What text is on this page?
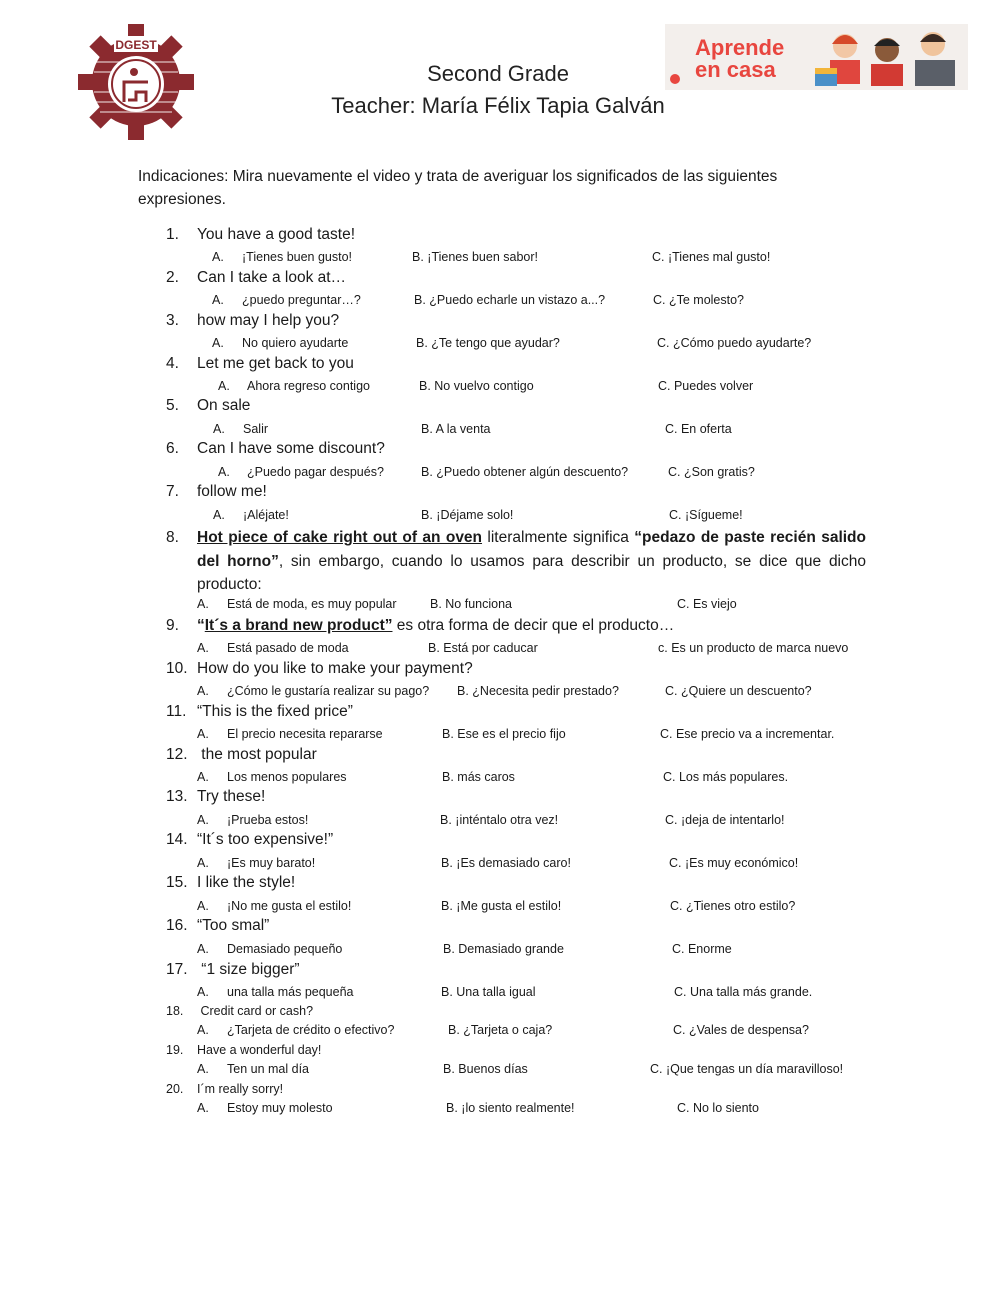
DGEST	Aprende
en casa
Second Grade
Teacher: María Félix Tapia Galván
Indicaciones: Mira nuevamente el video y trata de averiguar los significados de las siguientes expresiones.
1. You have a good taste!
A. ¡Tienes buen gusto!	B. ¡Tienes buen sabor!	C. ¡Tienes mal gusto!
2. Can I take a look at…
A. ¿puedo preguntar…?	B. ¿Puedo echarle un vistazo a...?	C. ¿Te molesto?
3. how may I help you?
A. No quiero ayudarte	B. ¿Te tengo que ayudar?	C. ¿Cómo puedo ayudarte?
4. Let me get back to you
A. Ahora regreso contigo	B. No vuelvo contigo	C. Puedes volver
5. On sale
A. Salir	B. A la venta	C. En oferta
6. Can I have some discount?
A. ¿Puedo pagar después?	B. ¿Puedo obtener algún descuento?	C. ¿Son gratis?
7. follow me!
A. ¡Aléjate!	B. ¡Déjame solo!	C. ¡Sígueme!
8. Hot piece of cake right out of an oven literalmente significa “pedazo de paste recién salido del horno”, sin embargo, cuando lo usamos para describir un producto, se dice que dicho producto:
A. Está de moda, es muy popular	B. No funciona	C. Es viejo
9. “It´s a brand new product” es otra forma de decir que el producto…
A. Está pasado de moda	B. Está por caducar	c. Es un producto de marca nuevo
10. How do you like to make your payment?
A. ¿Cómo le gustaría realizar su pago? B. ¿Necesita pedir prestado?	C. ¿Quiere un descuento?
11. “This is the fixed price”
A. El precio necesita repararse	B. Ese es el precio fijo	C. Ese precio va a incrementar.
12. the most popular
A. Los menos populares	B. más caros	C. Los más populares.
13. Try these!
A. ¡Prueba estos!	B. ¡inténtalo otra vez!	C. ¡deja de intentarlo!
14. “It´s too expensive!”
A. ¡Es muy barato!	B. ¡Es demasiado caro!	C. ¡Es muy económico!
15. I like the style!
A. ¡No me gusta el estilo!	B. ¡Me gusta el estilo!	C. ¿Tienes otro estilo?
16. “Too smal”
A. Demasiado pequeño	B. Demasiado grande	C. Enorme
17. “1 size bigger”
A. una talla más pequeña	B. Una talla igual	C. Una talla más grande.
18. Credit card or cash?
A. ¿Tarjeta de crédito o efectivo?	B. ¿Tarjeta o caja?	C. ¿Vales de despensa?
19. Have a wonderful day!
A. Ten un mal día	B. Buenos días	C. ¡Que tengas un día maravilloso!
20. I´m really sorry!
A. Estoy muy molesto	B. ¡lo siento realmente!	C. No lo siento
